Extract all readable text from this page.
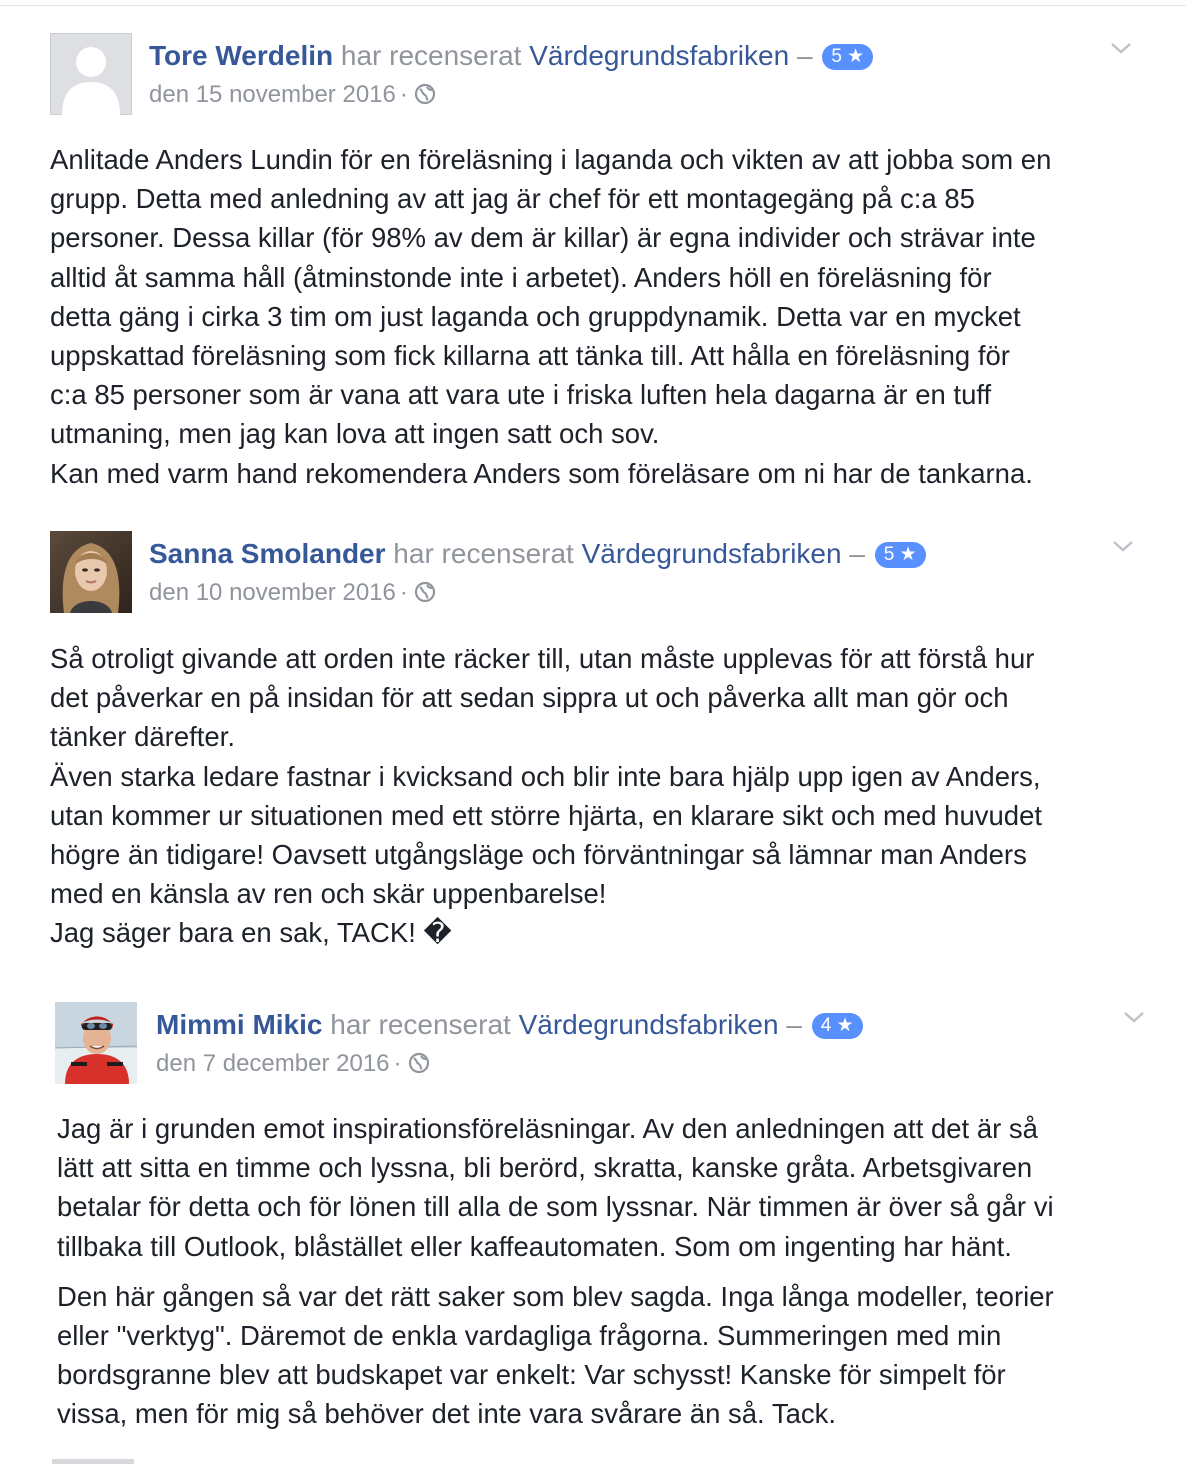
Tore Werdelin har recenserat Värdegrundsfabriken – 5 ★
den 15 november 2016 ·

Anlitade Anders Lundin för en föreläsning i laganda och vikten av att jobba som en
grupp. Detta med anledning av att jag är chef för ett montagegäng på c:a 85
personer. Dessa killar (för 98% av dem är killar) är egna individer och strävar inte
alltid åt samma håll (åtminstonde inte i arbetet). Anders höll en föreläsning för
detta gäng i cirka 3 tim om just laganda och gruppdynamik. Detta var en mycket
uppskattad föreläsning som fick killarna att tänka till. Att hålla en föreläsning för
c:a 85 personer som är vana att vara ute i friska luften hela dagarna är en tuff
utmaning, men jag kan lova att ingen satt och sov.
Kan med varm hand rekomendera Anders som föreläsare om ni har de tankarna.

Sanna Smolander har recenserat Värdegrundsfabriken – 5 ★
den 10 november 2016 ·

Så otroligt givande att orden inte räcker till, utan måste upplevas för att förstå hur
det påverkar en på insidan för att sedan sippra ut och påverka allt man gör och
tänker därefter.
Även starka ledare fastnar i kvicksand och blir inte bara hjälp upp igen av Anders,
utan kommer ur situationen med ett större hjärta, en klarare sikt och med huvudet
högre än tidigare! Oavsett utgångsläge och förväntningar så lämnar man Anders
med en känsla av ren och skär uppenbarelse!
Jag säger bara en sak, TACK! �

Mimmi Mikic har recenserat Värdegrundsfabriken – 4 ★
den 7 december 2016 ·

Jag är i grunden emot inspirationsföreläsningar. Av den anledningen att det är så
lätt att sitta en timme och lyssna, bli berörd, skratta, kanske gråta. Arbetsgivaren
betalar för detta och för lönen till alla de som lyssnar. När timmen är över så går vi
tillbaka till Outlook, blåstället eller kaffeautomaten. Som om ingenting har hänt.

Den här gången så var det rätt saker som blev sagda. Inga långa modeller, teorier
eller "verktyg". Däremot de enkla vardagliga frågorna. Summeringen med min
bordsgranne blev att budskapet var enkelt: Var schysst! Kanske för simpelt för
vissa, men för mig så behöver det inte vara svårare än så. Tack.
